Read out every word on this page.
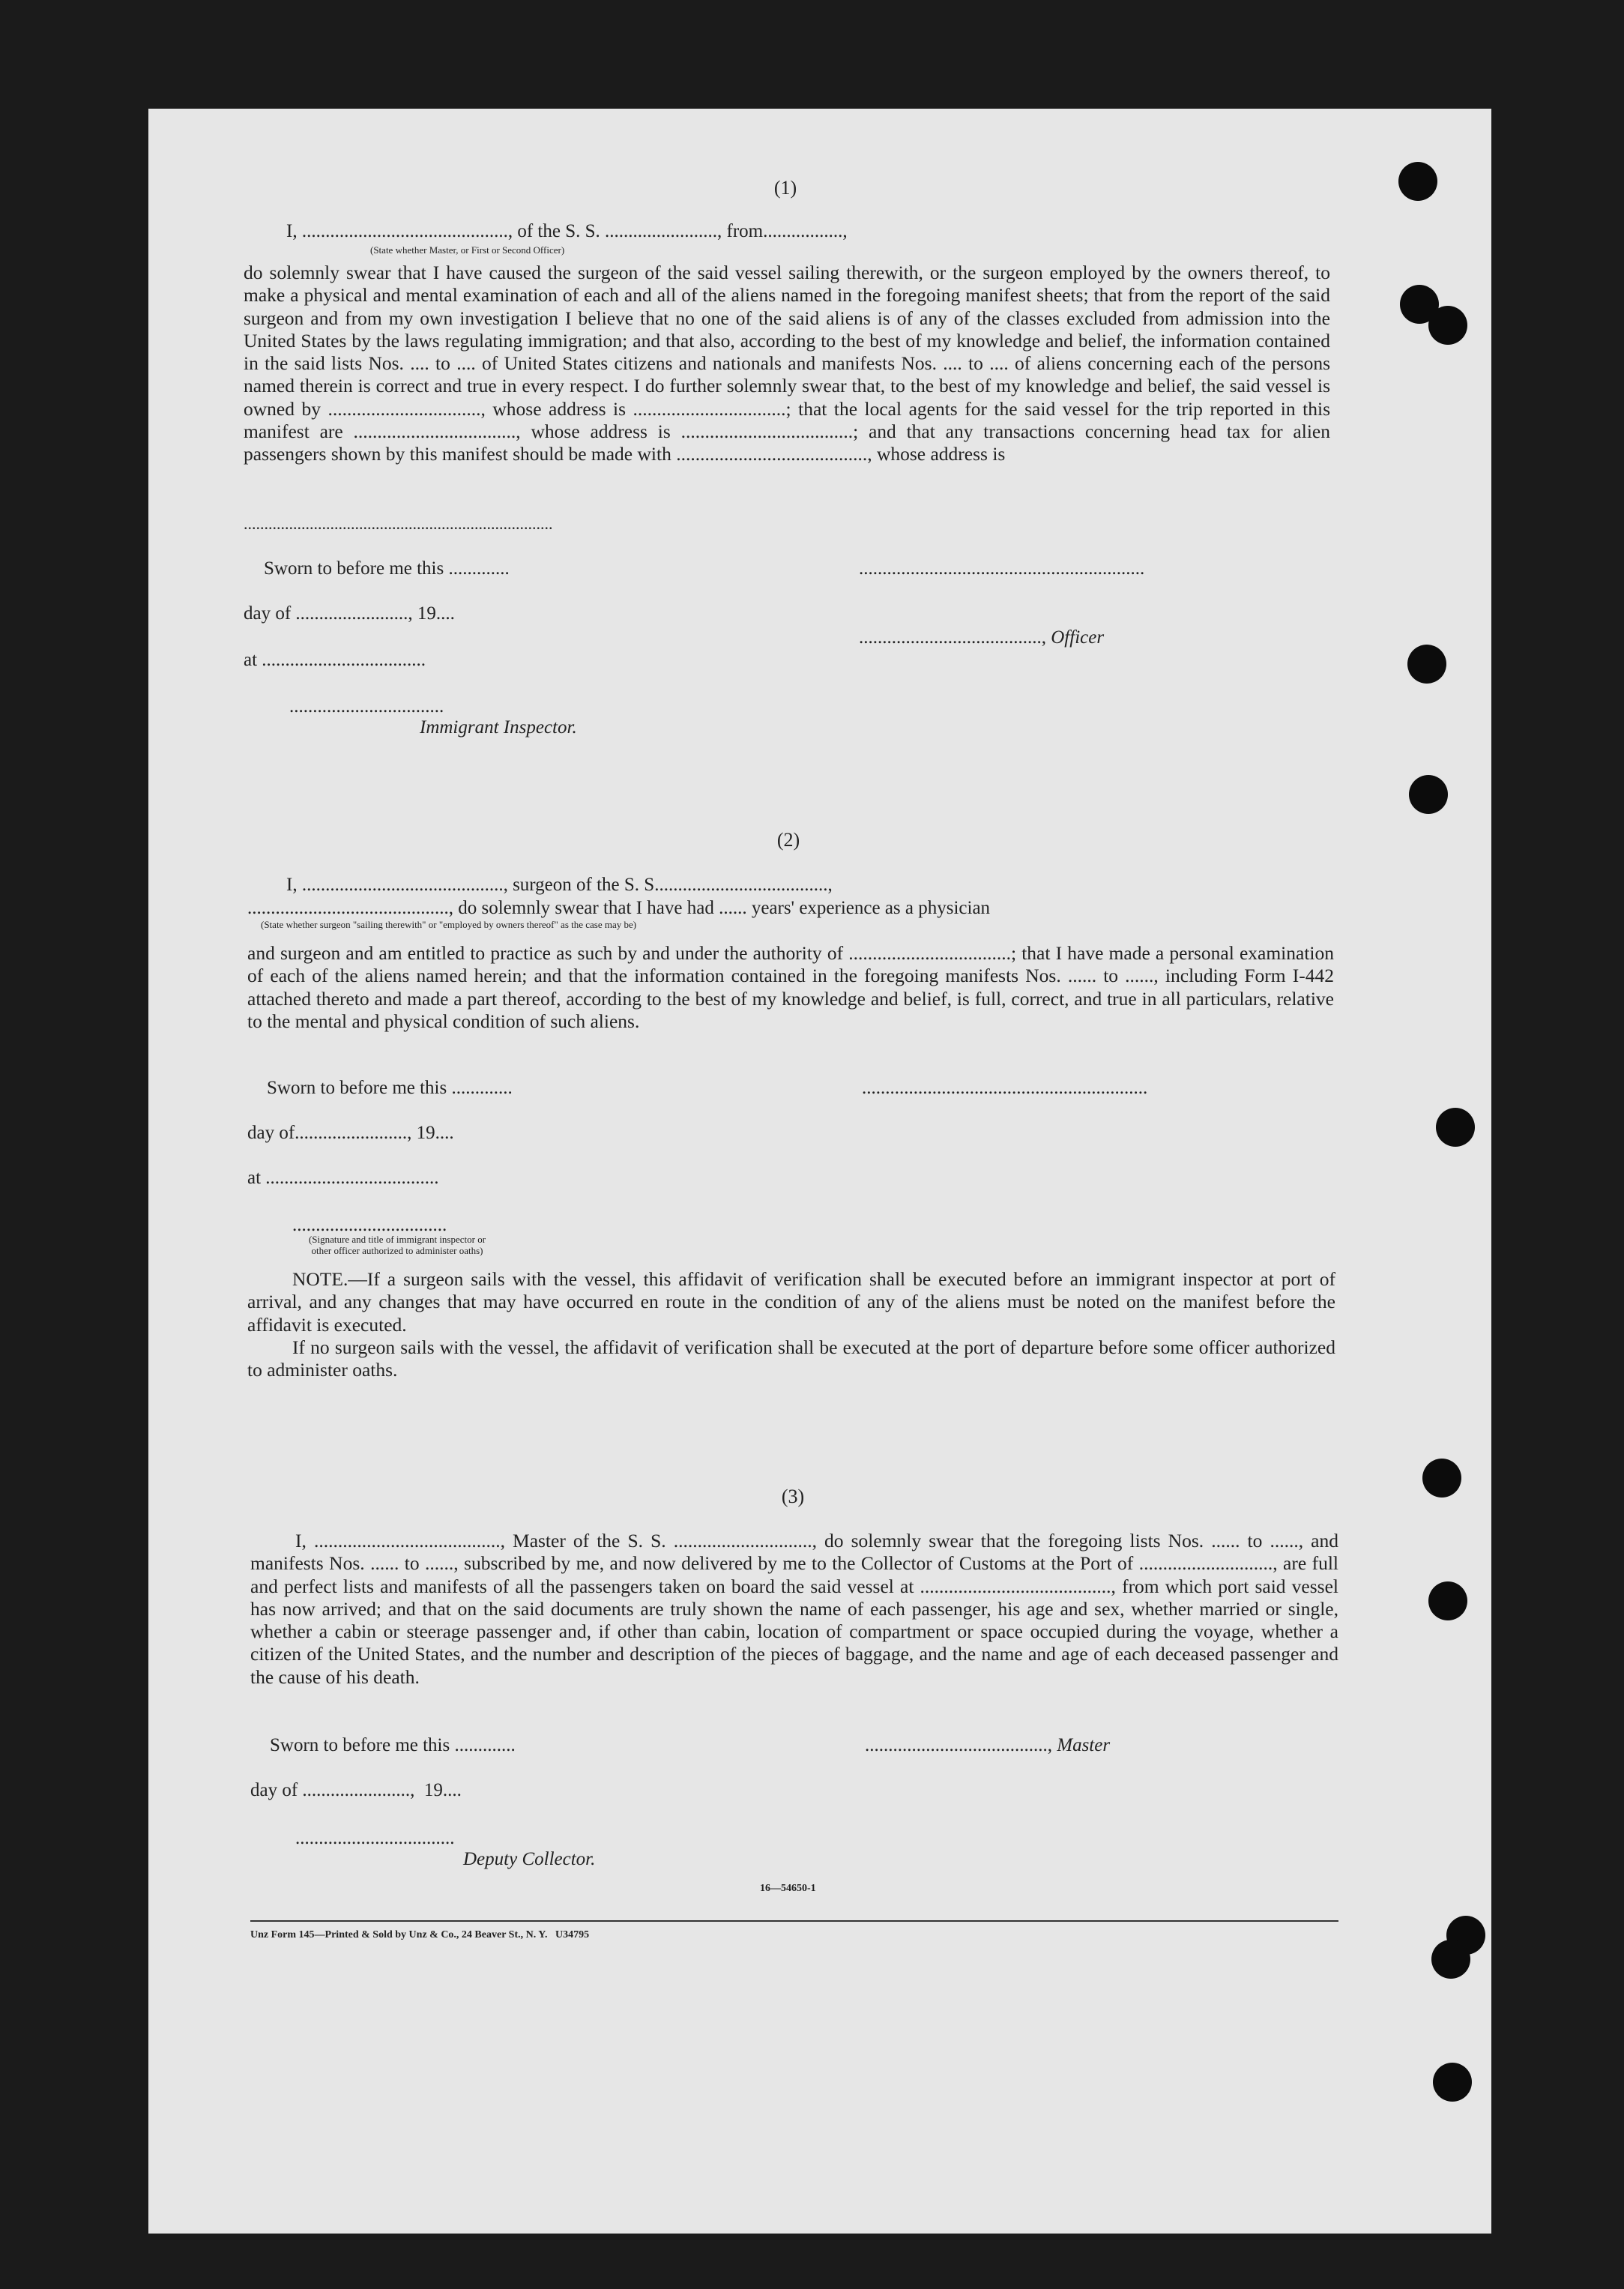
(1)
I, ............................................, of the S. S. ........................, from.................,
(State whether Master, or First or Second Officer)
do solemnly swear that I have caused the surgeon of the said vessel sailing therewith, or the surgeon employed by the owners thereof, to make a physical and mental examination of each and all of the aliens named in the foregoing manifest sheets; that from the report of the said surgeon and from my own investigation I believe that no one of the said aliens is of any of the classes excluded from admission into the United States by the laws regulating immigration; and that also, according to the best of my knowledge and belief, the information contained in the said lists Nos. .... to .... of United States citizens and nationals and manifests Nos. .... to .... of aliens concerning each of the persons named therein is correct and true in every respect. I do further solemnly swear that, to the best of my knowledge and belief, the said vessel is owned by ................................, whose address is ................................; that the local agents for the said vessel for the trip reported in this manifest are .................................., whose address is ....................................; and that any transactions concerning head tax for alien passengers shown by this manifest should be made with ........................................, whose address is
...........................................................................
Sworn to before me this .............	.............................................................
day of ........................, 19....
......................................., Officer
at ...................................
.................................
Immigrant Inspector.
(2)
I, ..........................................., surgeon of the S. S.....................................,
..........................................., do solemnly swear that I have had ...... years' experience as a physician
(State whether surgeon "sailing therewith" or "employed by owners thereof" as the case may be)
and surgeon and am entitled to practice as such by and under the authority of ..................................; that I have made a personal examination of each of the aliens named herein; and that the information contained in the foregoing manifests Nos. ...... to ......, including Form I-442 attached thereto and made a part thereof, according to the best of my knowledge and belief, is full, correct, and true in all particulars, relative to the mental and physical condition of such aliens.
Sworn to before me this .............	.............................................................
day of........................, 19....
at .....................................
.................................
(Signature and title of immigrant inspector or other officer authorized to administer oaths)
NOTE.—If a surgeon sails with the vessel, this affidavit of verification shall be executed before an immigrant inspector at port of arrival, and any changes that may have occurred en route in the condition of any of the aliens must be noted on the manifest before the affidavit is executed.
If no surgeon sails with the vessel, the affidavit of verification shall be executed at the port of departure before some officer authorized to administer oaths.
(3)
I, ......................................., Master of the S. S. ............................., do solemnly swear that the foregoing lists Nos. ...... to ......, and manifests Nos. ...... to ......, subscribed by me, and now delivered by me to the Collector of Customs at the Port of ............................, are full and perfect lists and manifests of all the passengers taken on board the said vessel at ........................................, from which port said vessel has now arrived; and that on the said documents are truly shown the name of each passenger, his age and sex, whether married or single, whether a cabin or steerage passenger and, if other than cabin, location of compartment or space occupied during the voyage, whether a citizen of the United States, and the number and description of the pieces of baggage, and the name and age of each deceased passenger and the cause of his death.
Sworn to before me this .............	......................................., Master
day of .......................,  19....
..................................
Deputy Collector.
16—54650-1
Unz Form 145—Printed & Sold by Unz & Co., 24 Beaver St., N. Y.   U34795
